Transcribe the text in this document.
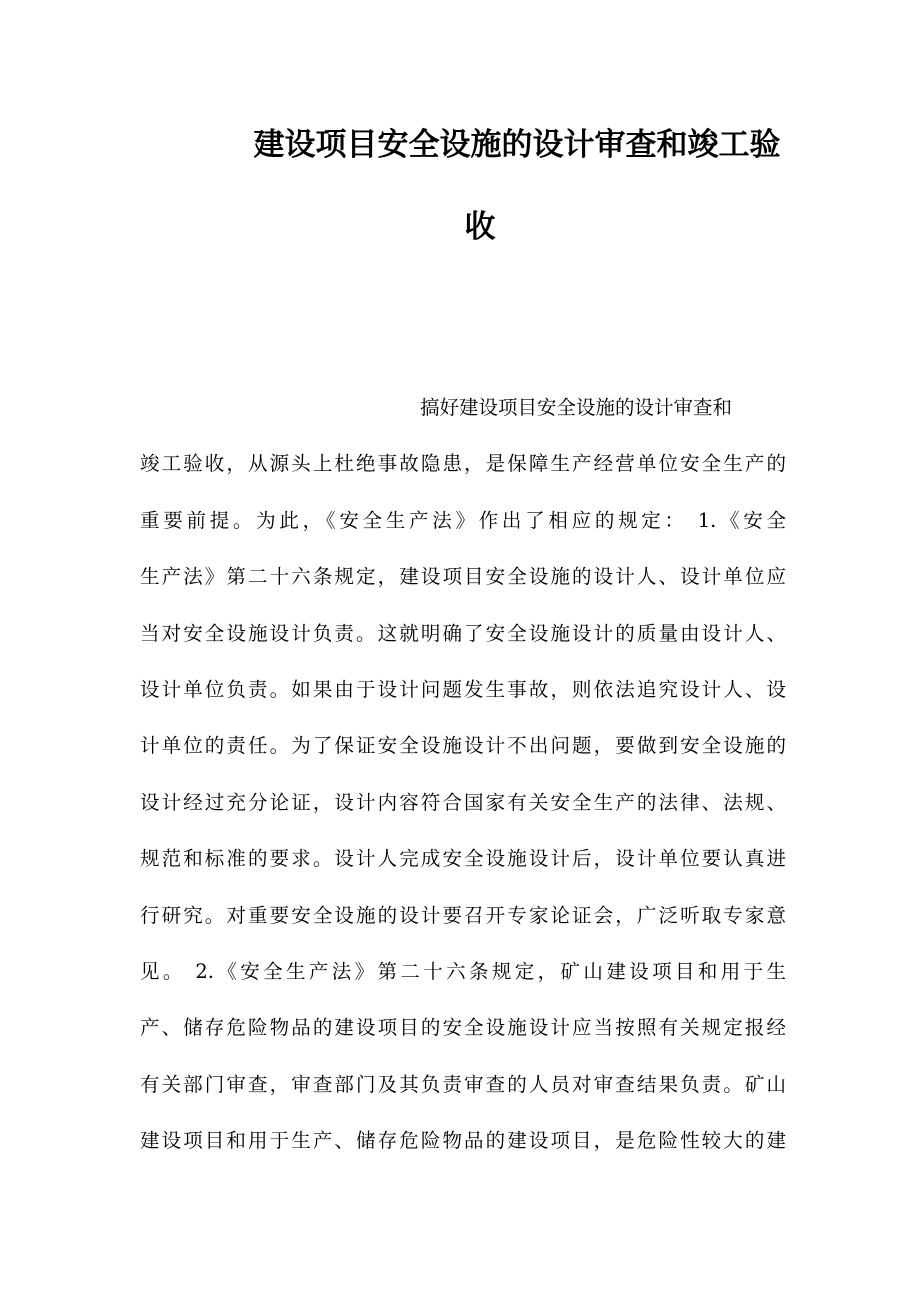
建设项目安全设施的设计审查和竣工验
收
搞好建设项目安全设施的设计审查和
竣工验收，从源头上杜绝事故隐患，是保障生产经营单位安全生产的
重要前提。为此，《安全生产法》作出了相应的规定： 1.《安全
生产法》第二十六条规定，建设项目安全设施的设计人、设计单位应
当对安全设施设计负责。这就明确了安全设施设计的质量由设计人、
设计单位负责。如果由于设计问题发生事故，则依法追究设计人、设
计单位的责任。为了保证安全设施设计不出问题，要做到安全设施的
设计经过充分论证，设计内容符合国家有关安全生产的法律、法规、
规范和标准的要求。设计人完成安全设施设计后，设计单位要认真进
行研究。对重要安全设施的设计要召开专家论证会，广泛听取专家意
见。 2.《安全生产法》第二十六条规定，矿山建设项目和用于生
产、储存危险物品的建设项目的安全设施设计应当按照有关规定报经
有关部门审查，审查部门及其负责审查的人员对审查结果负责。矿山
建设项目和用于生产、储存危险物品的建设项目，是危险性较大的建
